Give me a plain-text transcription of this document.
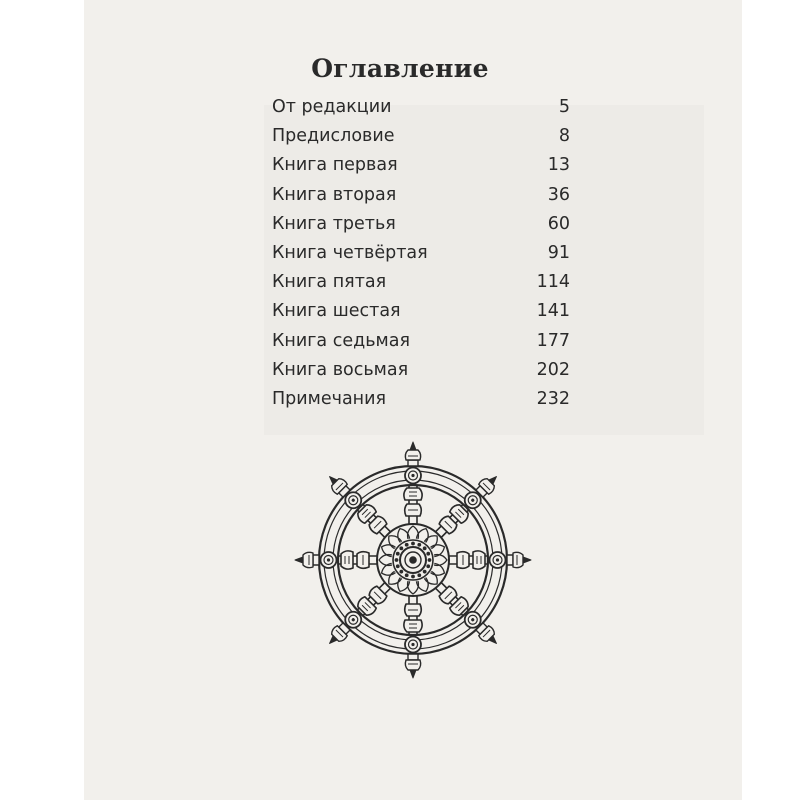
Оглавление
От редакции	5
Предисловие	8
Книга первая	13
Книга вторая	36
Книга третья	60
Книга четвёртая	91
Книга пятая	114
Книга шестая	141
Книга седьмая	177
Книга восьмая	202
Примечания	232
